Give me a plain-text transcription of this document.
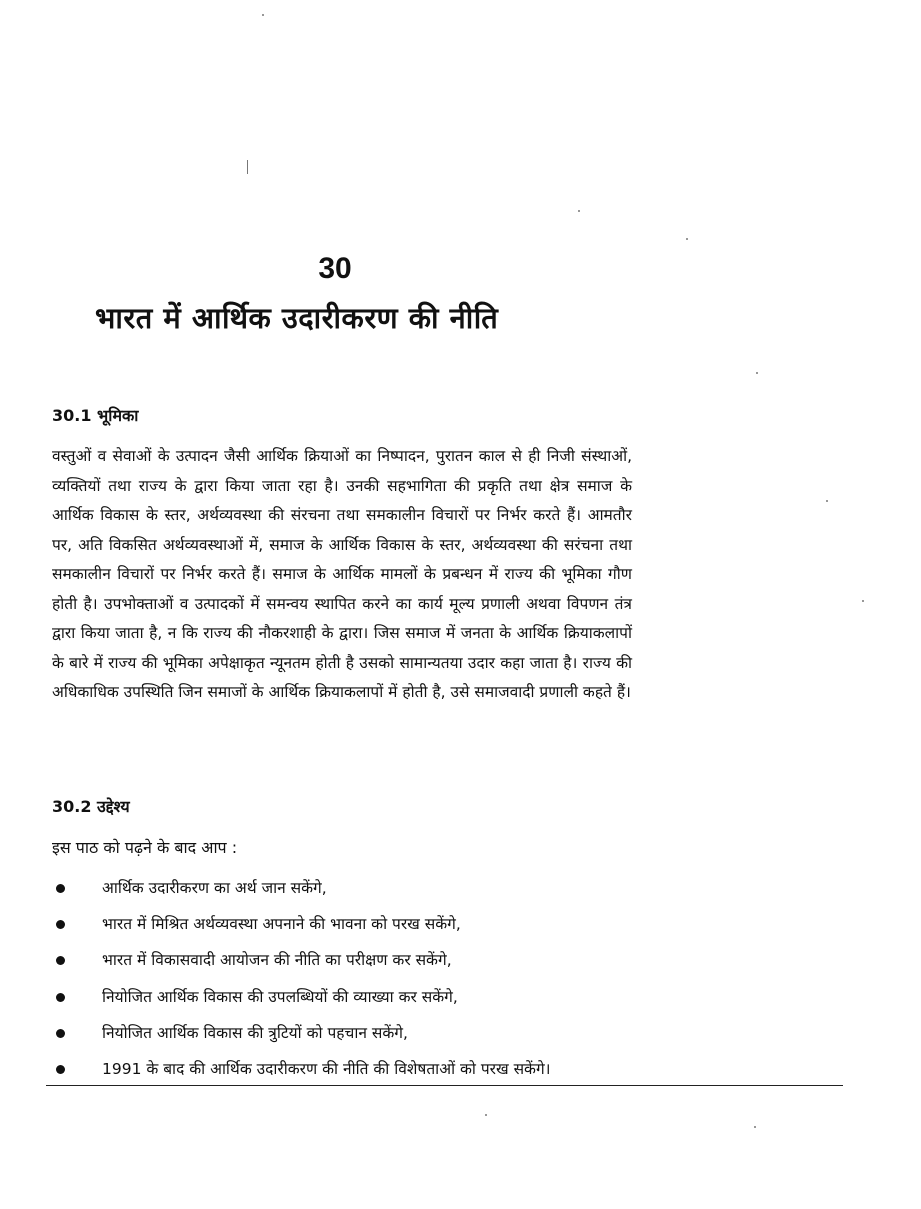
30
भारत में आर्थिक उदारीकरण की नीति
30.1 भूमिका

वस्तुओं व सेवाओं के उत्पादन जैसी आर्थिक क्रियाओं का निष्पादन, पुरातन काल से ही निजी संस्थाओं, व्यक्तियों तथा राज्य के द्वारा किया जाता रहा है। उनकी सहभागिता की प्रकृति तथा क्षेत्र समाज के आर्थिक विकास के स्तर, अर्थव्यवस्था की संरचना तथा समकालीन विचारों पर निर्भर करते हैं। आमतौर पर, अति विकसित अर्थव्यवस्थाओं में, समाज के आर्थिक विकास के स्तर, अर्थव्यवस्था की सरंचना तथा समकालीन विचारों पर निर्भर करते हैं। समाज के आर्थिक मामलों के प्रबन्धन में राज्य की भूमिका गौण होती है। उपभोक्ताओं व उत्पादकों में समन्वय स्थापित करने का कार्य मूल्य प्रणाली अथवा विपणन तंत्र द्वारा किया जाता है, न कि राज्य की नौकरशाही के द्वारा। जिस समाज में जनता के आर्थिक क्रियाकलापों के बारे में राज्य की भूमिका अपेक्षाकृत न्यूनतम होती है उसको सामान्यतया उदार कहा जाता है। राज्य की अधिकाधिक उपस्थिति जिन समाजों के आर्थिक क्रियाकलापों में होती है, उसे समाजवादी प्रणाली कहते हैं।

30.2 उद्देश्य
इस पाठ को पढ़ने के बाद आप :
आर्थिक उदारीकरण का अर्थ जान सकेंगे,
भारत में मिश्रित अर्थव्यवस्था अपनाने की भावना को परख सकेंगे,
भारत में विकासवादी आयोजन की नीति का परीक्षण कर सकेंगे,
नियोजित आर्थिक विकास की उपलब्धियों की व्याख्या कर सकेंगे,
नियोजित आर्थिक विकास की त्रुटियों को पहचान सकेंगे,
1991 के बाद की आर्थिक उदारीकरण की नीति की विशेषताओं को परख सकेंगे।
